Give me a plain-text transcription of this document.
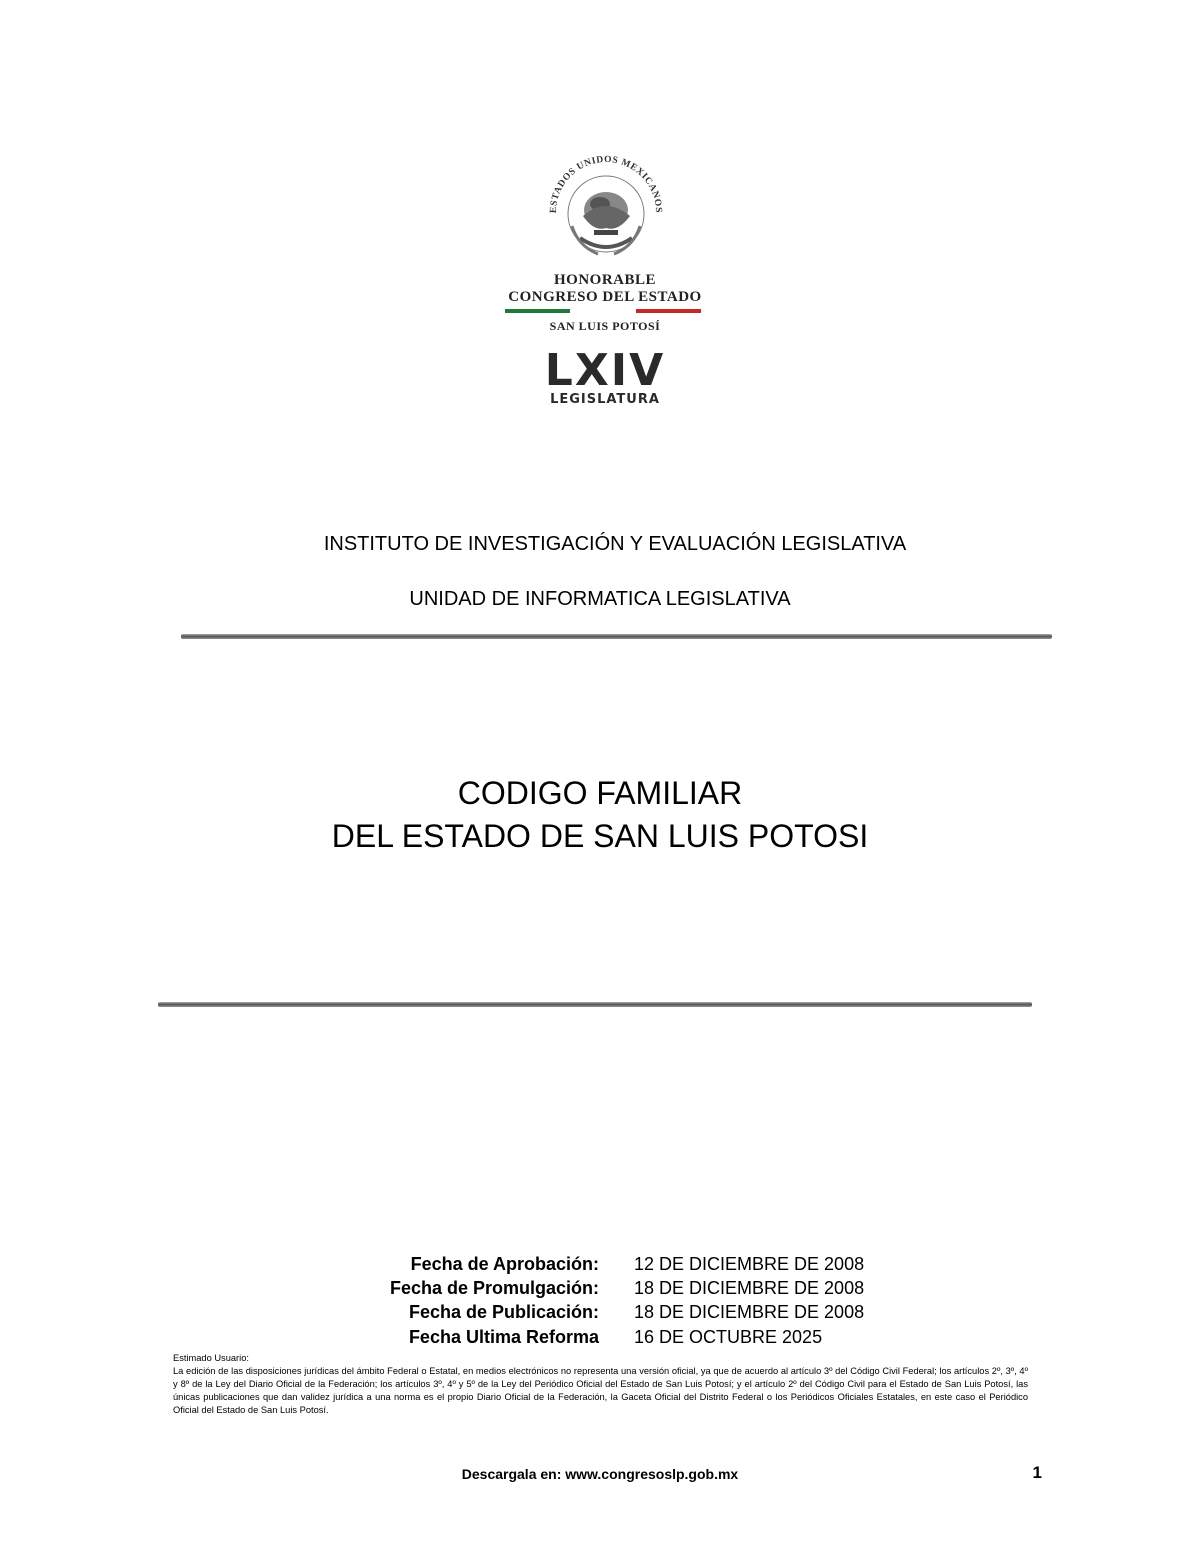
ESTADOS UNIDOS MEXICANOS
HONORABLE
CONGRESO DEL ESTADO
SAN LUIS POTOSÍ
LXIV
LEGISLATURA
INSTITUTO DE INVESTIGACIÓN Y EVALUACIÓN LEGISLATIVA
UNIDAD DE INFORMATICA LEGISLATIVA
CODIGO FAMILIAR
DEL ESTADO DE SAN LUIS POTOSI
Fecha de Aprobación: 12 DE DICIEMBRE DE 2008
Fecha de Promulgación: 18 DE DICIEMBRE DE 2008
Fecha de Publicación: 18 DE DICIEMBRE DE 2008
Fecha Ultima Reforma 16 DE OCTUBRE 2025
Estimado Usuario:
La edición de las disposiciones jurídicas del ámbito Federal o Estatal, en medios electrónicos no representa una versión oficial, ya que de acuerdo al artículo 3º del Código Civil Federal; los artículos 2º, 3º, 4º y 8º de la Ley del Diario Oficial de la Federación; los artículos 3º, 4º y 5º de la Ley del Periódico Oficial del Estado de San Luis Potosí; y el artículo 2º del Código Civil para el Estado de San Luis Potosí, las únicas publicaciones que dan validez jurídica a una norma es el propio Diario Oficial de la Federación, la Gaceta Oficial del Distrito Federal o los Periódicos Oficiales Estatales, en este caso el Periódico Oficial del Estado de San Luis Potosí.
Descargala en: www.congresoslp.gob.mx	1
